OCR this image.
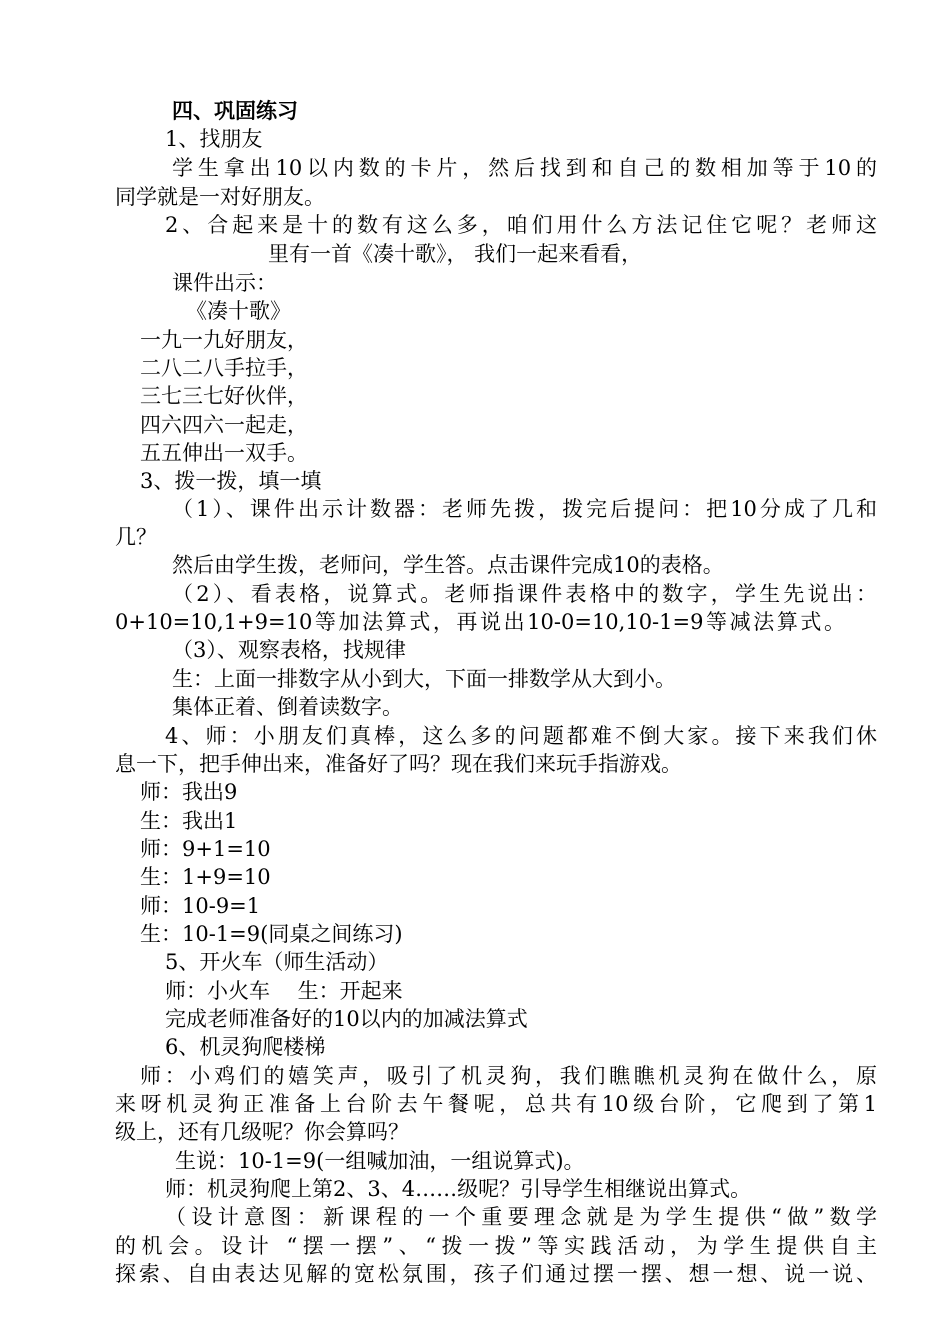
四、巩固练习
1、找朋友
学生拿出10以内数的卡片，然后找到和自己的数相加等于10的
同学就是一对好朋友。
2、合起来是十的数有这么多，咱们用什么方法记住它呢？老师这
里有一首《凑十歌》， 我们一起来看看，
课件出示：
《凑十歌》
一九一九好朋友，
二八二八手拉手，
三七三七好伙伴，
四六四六一起走，
五五伸出一双手。
3、拨一拨，填一填
（1）、课件出示计数器：老师先拨，拨完后提问：把10分成了几和
几？
然后由学生拨，老师问，学生答。点击课件完成10的表格。
（2）、看表格，说算式。老师指课件表格中的数字，学生先说出：
0+10=10,1+9=10等加法算式，再说出10-0=10,10-1=9等减法算式。
（3）、观察表格，找规律
生：上面一排数字从小到大，下面一排数学从大到小。
集体正着、倒着读数字。
4、师：小朋友们真棒，这么多的问题都难不倒大家。接下来我们休
息一下，把手伸出来，准备好了吗？现在我们来玩手指游戏。
师：我出9
生：我出1
师：9+1=10
生：1+9=10
师：10-9=1
生：10-1=9(同桌之间练习)
5、开火车（师生活动）
师：小火车　 生：开起来
完成老师准备好的10以内的加减法算式
6、机灵狗爬楼梯
师：小鸡们的嬉笑声，吸引了机灵狗，我们瞧瞧机灵狗在做什么，原
来呀机灵狗正准备上台阶去午餐呢，总共有10级台阶，它爬到了第1
级上，还有几级呢？你会算吗？
生说：10-1=9(一组喊加油，一组说算式)。
师：机灵狗爬上第2、3、4……级呢？引导学生相继说出算式。
（设计意图：新课程的一个重要理念就是为学生提供“做”数学
的机会。设计 “摆一摆”、“拨一拨”等实践活动，为学生提供自主
探索、自由表达见解的宽松氛围，孩子们通过摆一摆、想一想、说一说、
